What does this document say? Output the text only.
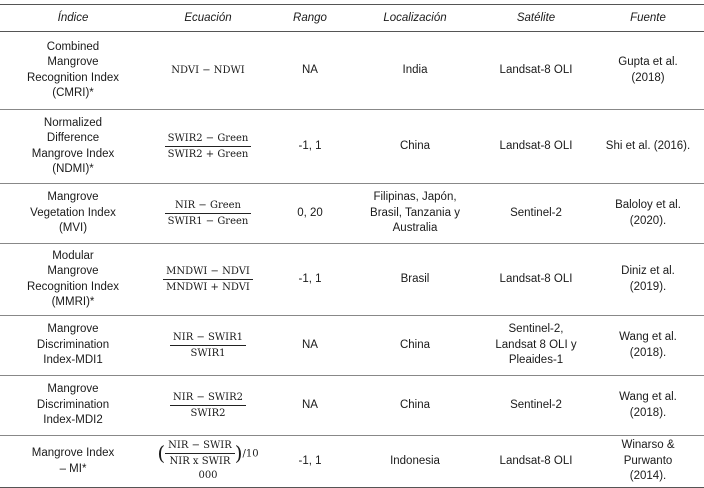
Índice	Ecuación	Rango	Localización	Satélite	Fuente
Combined
Mangrove
Recognition Index
(CMRI)*	NDVI − NDWI	NA	India	Landsat-8 OLI	Gupta et al.
(2018)
Normalized
Difference
Mangrove Index
(NDMI)*	$\frac{\text{SWIR2 − Green}}{\text{SWIR2 + Green}}$	-1, 1	China	Landsat-8 OLI	Shi et al. (2016).
Mangrove
Vegetation Index
(MVI)	$\frac{\text{NIR − Green}}{\text{SWIR1 − Green}}$	0, 20	Filipinas, Japón,
Brasil, Tanzania y
Australia	Sentinel-2	Baloloy et al.
(2020).
Modular
Mangrove
Recognition Index
(MMRI)*	$\frac{\text{MNDWI − NDVI}}{\text{MNDWI + NDVI}}$	-1, 1	Brasil	Landsat-8 OLI	Diniz et al.
(2019).
Mangrove
Discrimination
Index-MDI1	$\frac{\text{NIR − SWIR1}}{\text{SWIR1}}$	NA	China	Sentinel-2,
Landsat 8 OLI y
Pleaides-1	Wang et al.
(2018).
Mangrove
Discrimination
Index-MDI2	$\frac{\text{NIR − SWIR2}}{\text{SWIR2}}$	NA	China	Sentinel-2	Wang et al.
(2018).
Mangrove Index
– MI*	( $\frac{\text{NIR − SWIR}}{\text{NIR x SWIR}} )/10$ 000	-1, 1	Indonesia	Landsat-8 OLI	Winarso &
Purwanto
(2014).
